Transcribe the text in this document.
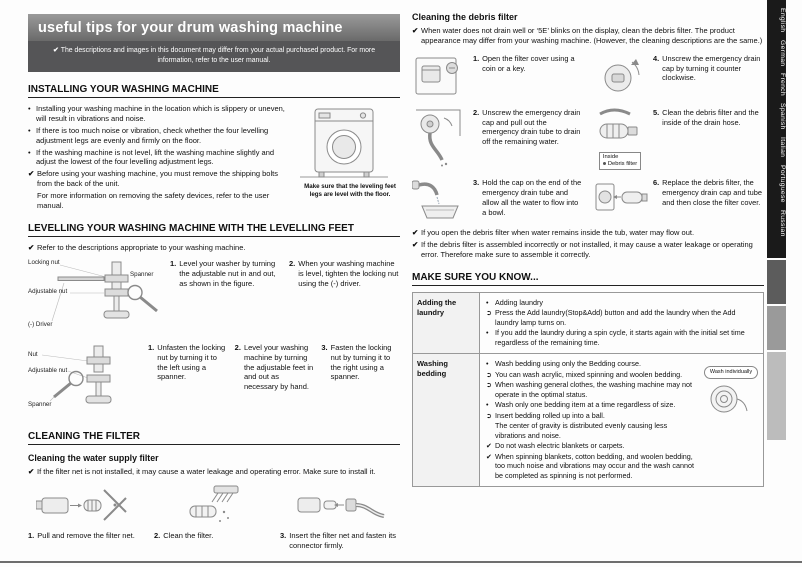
useful tips for your drum washing machine
✔ The descriptions and images in this document may differ from your actual purchased product. For more information, refer to the user manual.
INSTALLING YOUR WASHING MACHINE
• Installing your washing machine in the location which is slippery or uneven, will result in vibrations and noise.
• If there is too much noise or vibration, check whether the four levelling adjustment legs are evenly and firmly on the floor.
• If the washing machine is not level, lift the washing machine slightly and adjust the lowest of the four levelling adjustment legs.
✔ Before using your washing machine, you must remove the shipping bolts from the back of the unit.
For more information on removing the safety devices, refer to the user manual.
Make sure that the leveling feet legs are level with the floor.
LEVELLING YOUR WASHING MACHINE WITH THE LEVELLING FEET
✔ Refer to the descriptions appropriate to your washing machine.
Locking nut
Adjustable nut
Spanner
(-) Driver
1. Level your washer by turning the adjustable nut in and out, as shown in the figure.
2. When your washing machine is level, tighten the locking nut using the (-) driver.
Nut
Adjustable nut
Spanner
1. Unfasten the locking nut by turning it to the left using a spanner.
2. Level your washing machine by turning the adjustable feet in and out as necessary by hand.
3. Fasten the locking nut by turning it to the right using a spanner.
CLEANING THE FILTER
Cleaning the water supply filter
✔ If the filter net is not installed, it may cause a water leakage and operating error. Make sure to install it.
1. Pull and remove the filter net.	2. Clean the filter.	3. Insert the filter net and fasten its connector firmly.
Cleaning the debris filter
✔ When water does not drain well or ‘5E’ blinks on the display, clean the debris filter. The product appearance may differ from your washing machine. (However, the cleaning descriptions are the same.)
1. Open the filter cover using a coin or a key.
4. Unscrew the emergency drain cap by turning it counter clockwise.
2. Unscrew the emergency drain cap and pull out the emergency drain tube to drain off the remaining water.
Inside
Debris filter
5. Clean the debris filter and the inside of the drain hose.
3. Hold the cap on the end of the emergency drain tube and allow all the water to flow into a bowl.
6. Replace the debris filter, the emergency drain cap and tube and then close the filter cover.
✔ If you open the debris filter when water remains inside the tub, water may flow out.
✔ If the debris filter is assembled incorrectly or not installed, it may cause a water leakage or operating error. Therefore make sure to assemble it correctly.
MAKE SURE YOU KNOW...
Adding the laundry
• Adding laundry
➲ Press the Add laundry(Stop&Add) button and add the laundry when the Add laundry lamp turns on.
• If you add the laundry during a spin cycle, it starts again with the initial set time regardless of the remaining time.
Washing bedding
• Wash bedding using only the Bedding course.
➲ You can wash acrylic, mixed spinning and woolen bedding.
➲ When washing general clothes, the washing machine may not operate in the optimal status.
• Wash only one bedding item at a time regardless of size.
➲ Insert bedding rolled up into a ball.
The center of gravity is distributed evenly causing less vibrations and noise.
✔ Do not wash electric blankets or carpets.
✔ When spinning blankets, cotton bedding, and woolen bedding, too much noise and vibrations may occur and the wash cannot be completed as spinning is not performed.
Wash individually
English German French Spanish Italian Portuguese Russian
